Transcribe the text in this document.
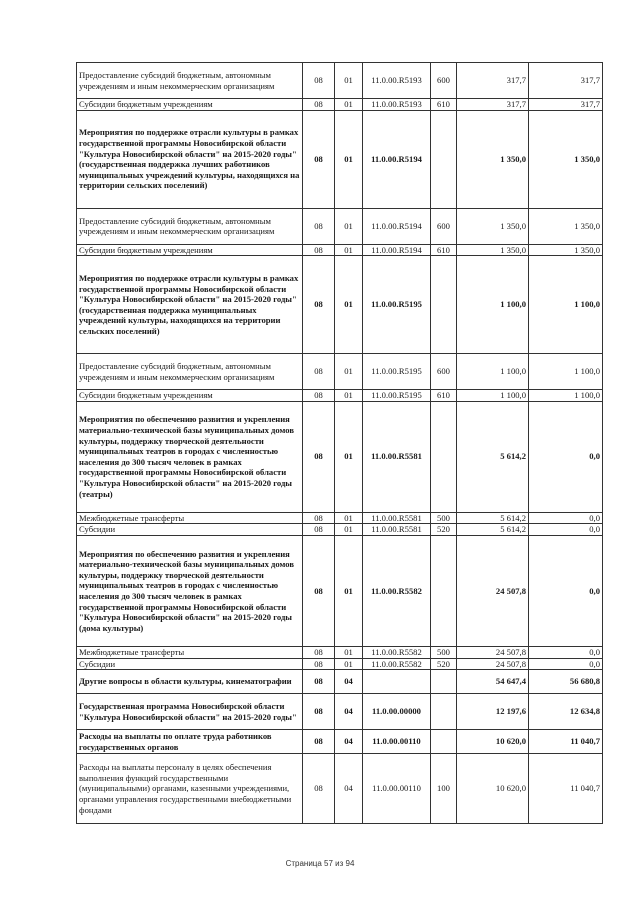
Предоставление субсидий бюджетным, автономным учреждениям и иным некоммерческим организациям	08	01	11.0.00.R5193	600	317,7	317,7
Субсидии бюджетным учреждениям	08	01	11.0.00.R5193	610	317,7	317,7
Мероприятия по поддержке отрасли культуры в рамках государственной программы Новосибирской области "Культура Новосибирской области" на 2015-2020 годы" (государственная поддержка лучших работников муниципальных учреждений культуры, находящихся на территории сельских поселений)	08	01	11.0.00.R5194		1 350,0	1 350,0
Предоставление субсидий бюджетным, автономным учреждениям и иным некоммерческим организациям	08	01	11.0.00.R5194	600	1 350,0	1 350,0
Субсидии бюджетным учреждениям	08	01	11.0.00.R5194	610	1 350,0	1 350,0
Мероприятия по поддержке отрасли культуры в рамках государственной программы Новосибирской области "Культура Новосибирской области" на 2015-2020 годы" (государственная поддержка муниципальных учреждений культуры, находящихся на территории сельских поселений)	08	01	11.0.00.R5195		1 100,0	1 100,0
Предоставление субсидий бюджетным, автономным учреждениям и иным некоммерческим организациям	08	01	11.0.00.R5195	600	1 100,0	1 100,0
Субсидии бюджетным учреждениям	08	01	11.0.00.R5195	610	1 100,0	1 100,0
Мероприятия по обеспечению развития и укрепления материально-технической базы муниципальных домов культуры, поддержку творческой деятельности муниципальных театров в городах с численностью населения до 300 тысяч человек в рамках государственной программы Новосибирской области "Культура Новосибирской области" на 2015-2020 годы (театры)	08	01	11.0.00.R5581		5 614,2	0,0
Межбюджетные трансферты	08	01	11.0.00.R5581	500	5 614,2	0,0
Субсидии	08	01	11.0.00.R5581	520	5 614,2	0,0
Мероприятия по обеспечению развития и укрепления материально-технической базы муниципальных домов культуры, поддержку творческой деятельности муниципальных театров в городах с численностью населения до 300 тысяч человек в рамках государственной программы Новосибирской области "Культура Новосибирской области" на 2015-2020 годы (дома культуры)	08	01	11.0.00.R5582		24 507,8	0,0
Межбюджетные трансферты	08	01	11.0.00.R5582	500	24 507,8	0,0
Субсидии	08	01	11.0.00.R5582	520	24 507,8	0,0
Другие вопросы в области культуры, кинематографии	08	04			54 647,4	56 680,8
Государственная программа Новосибирской области "Культура Новосибирской области" на 2015-2020 годы"	08	04	11.0.00.00000		12 197,6	12 634,8
Расходы на выплаты по оплате труда работников государственных органов	08	04	11.0.00.00110		10 620,0	11 040,7
Расходы на выплаты персоналу в целях обеспечения выполнения функций государственными (муниципальными) органами, казенными учреждениями, органами управления государственными внебюджетными фондами	08	04	11.0.00.00110	100	10 620,0	11 040,7
Страница 57 из 94
